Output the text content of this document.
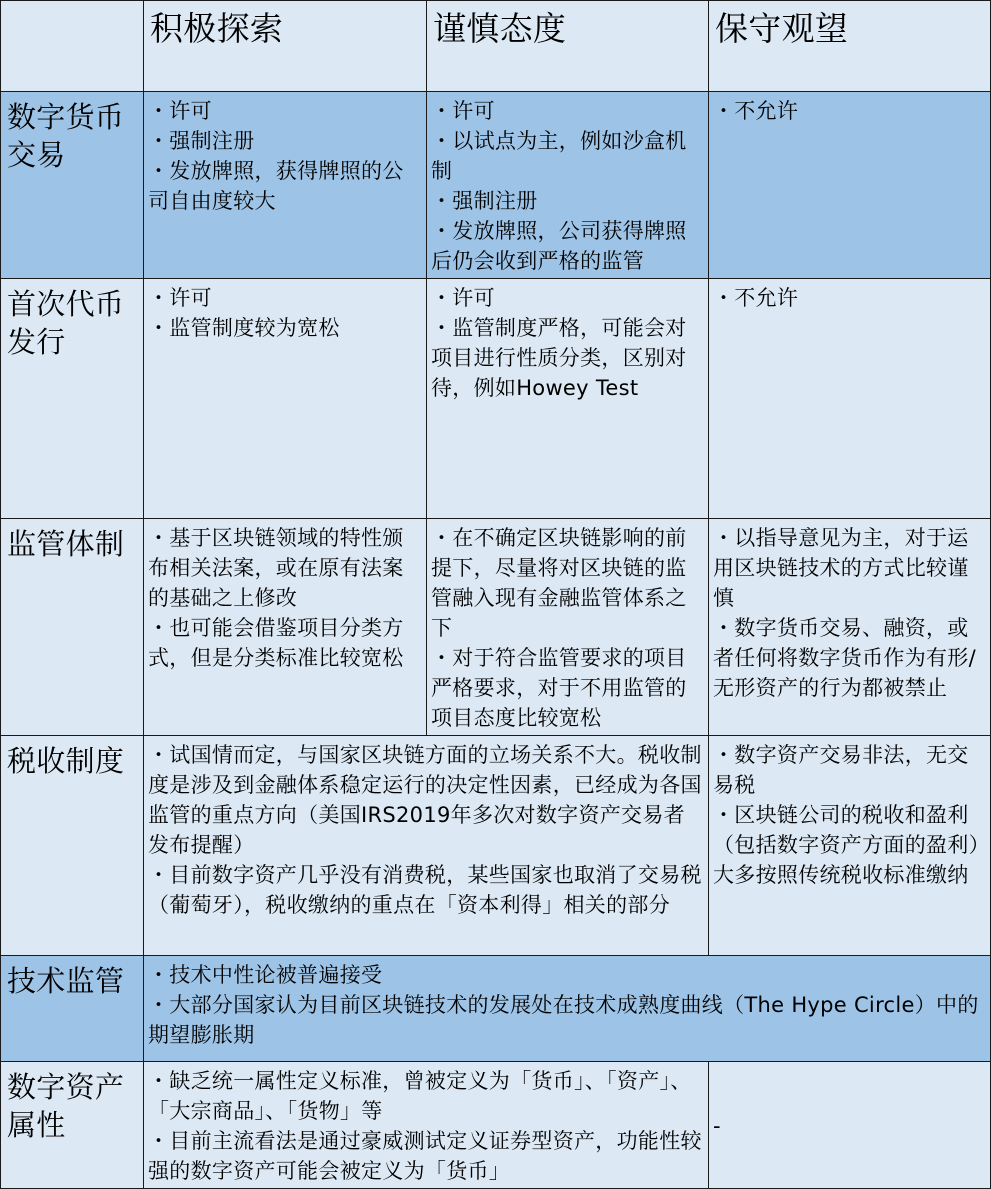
	积极探索	谨慎态度	保守观望
数字货币
交易	・许可
・强制注册
・发放牌照，获得牌照的公司自由度较大	・许可
・以试点为主，例如沙盒机制
・强制注册
・发放牌照，公司获得牌照后仍会收到严格的监管	・不允许

首次代币
发行	・许可
・监管制度较为宽松	・许可
・监管制度严格，可能会对项目进行性质分类，区别对待，例如Howey Test	・不允许

监管体制	・基于区块链领域的特性颁布相关法案，或在原有法案的基础之上修改
・也可能会借鉴项目分类方式，但是分类标准比较宽松	・在不确定区块链影响的前提下，尽量将对区块链的监管融入现有金融监管体系之下
・对于符合监管要求的项目严格要求，对于不用监管的项目态度比较宽松	・以指导意见为主，对于运用区块链技术的方式比较谨慎
・数字货币交易、融资，或者任何将数字货币作为有形/无形资产的行为都被禁止

税收制度	・试国情而定，与国家区块链方面的立场关系不大。税收制度是涉及到金融体系稳定运行的决定性因素，已经成为各国监管的重点方向（美国IRS2019年多次对数字资产交易者发布提醒）
・目前数字资产几乎没有消费税，某些国家也取消了交易税（葡萄牙），税收缴纳的重点在「资本利得」相关的部分		・数字资产交易非法，无交易税
・区块链公司的税收和盈利（包括数字资产方面的盈利）大多按照传统税收标准缴纳

技术监管	・技术中性论被普遍接受
・大部分国家认为目前区块链技术的发展处在技术成熟度曲线（The Hype Circle）中的期望膨胀期		

数字资产
属性	・缺乏统一属性定义标准，曾被定义为「货币」、「资产」、「大宗商品」、「货物」等
・目前主流看法是通过豪威测试定义证券型资产，功能性较强的数字资产可能会被定义为「货币」		-
